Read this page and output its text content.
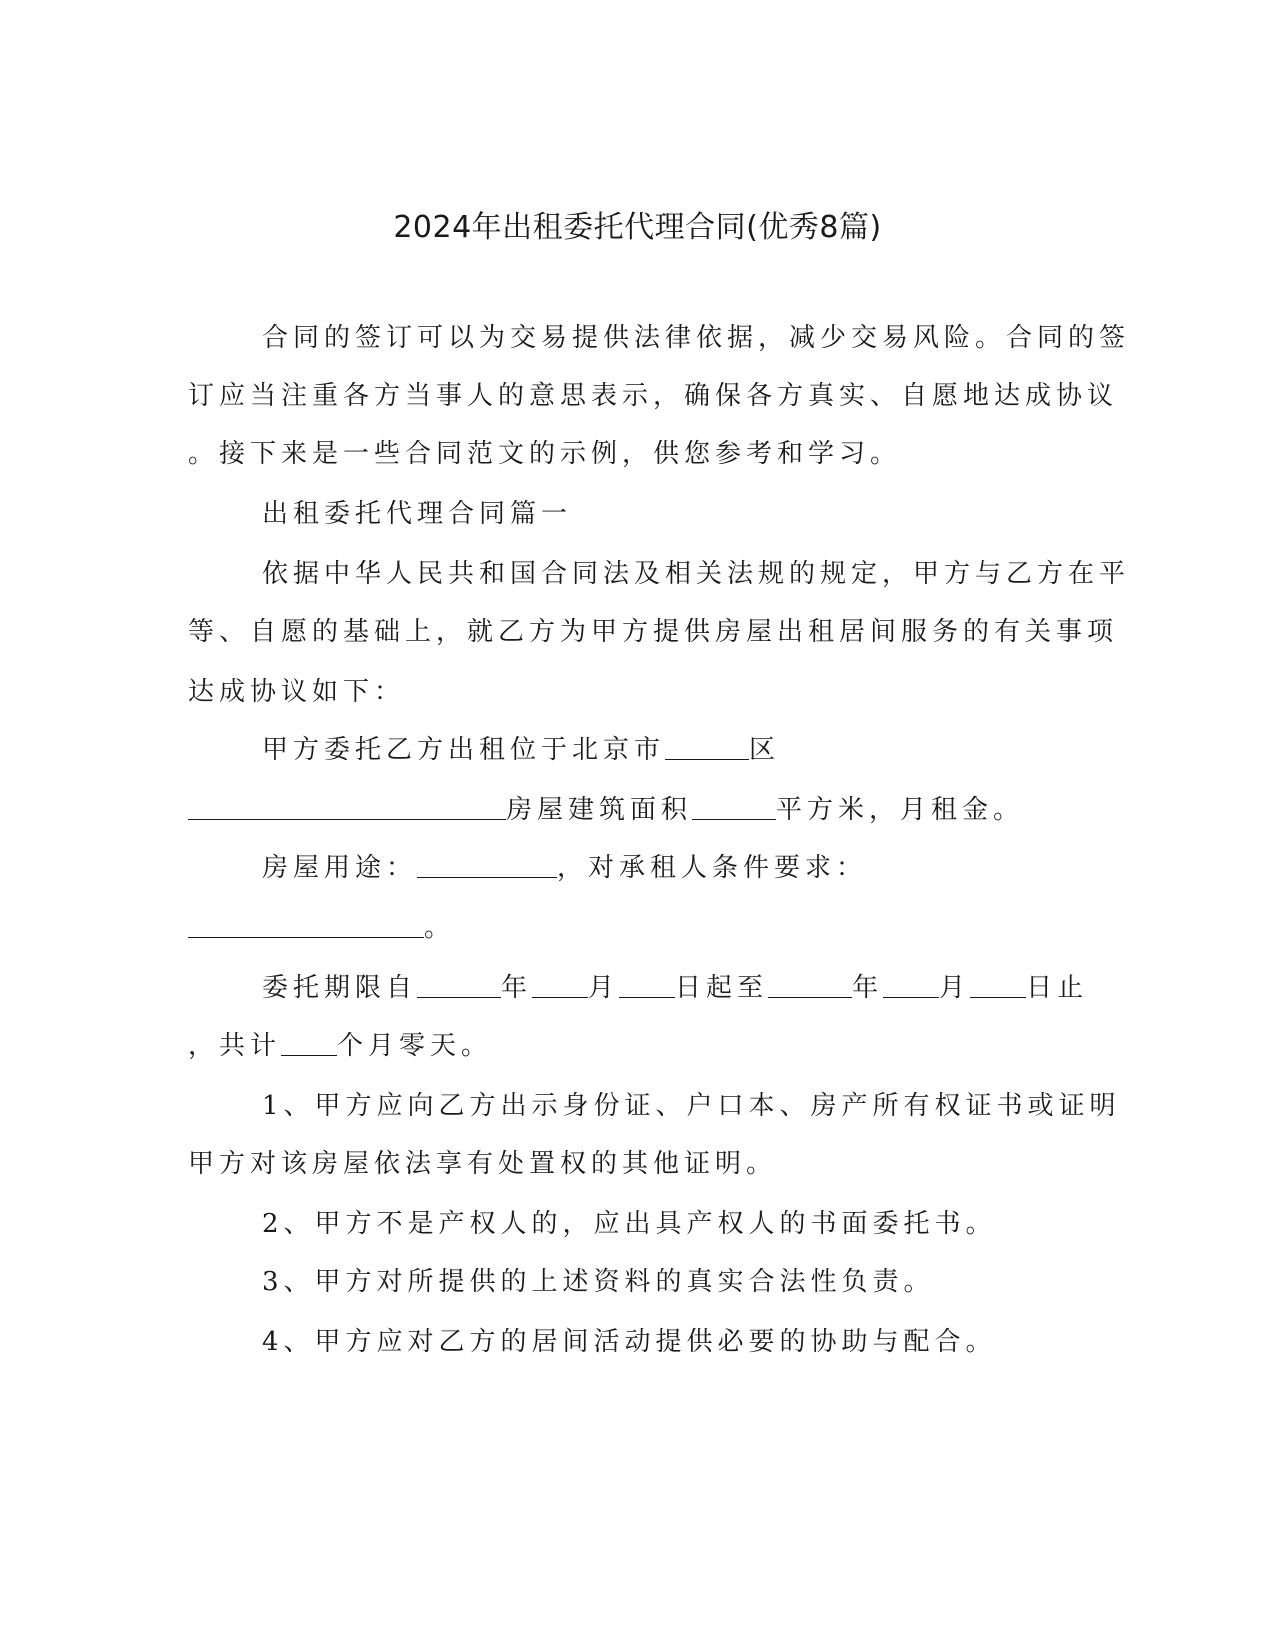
2024年出租委托代理合同(优秀8篇)
合同的签订可以为交易提供法律依据，减少交易风险。合同的签
订应当注重各方当事人的意思表示，确保各方真实、自愿地达成协议
。接下来是一些合同范文的示例，供您参考和学习。
出租委托代理合同篇一
依据中华人民共和国合同法及相关法规的规定，甲方与乙方在平
等、自愿的基础上，就乙方为甲方提供房屋出租居间服务的有关事项
达成协议如下：
甲方委托乙方出租位于北京市	区
房屋建筑面积	平方米，月租金。
房屋用途：	，对承租人条件要求：
。
委托期限自	年 月 日起至	年 月 日止
，共计 个月零天。
1、甲方应向乙方出示身份证、户口本、房产所有权证书或证明
甲方对该房屋依法享有处置权的其他证明。
2、甲方不是产权人的，应出具产权人的书面委托书。
3、甲方对所提供的上述资料的真实合法性负责。
4、甲方应对乙方的居间活动提供必要的协助与配合。
